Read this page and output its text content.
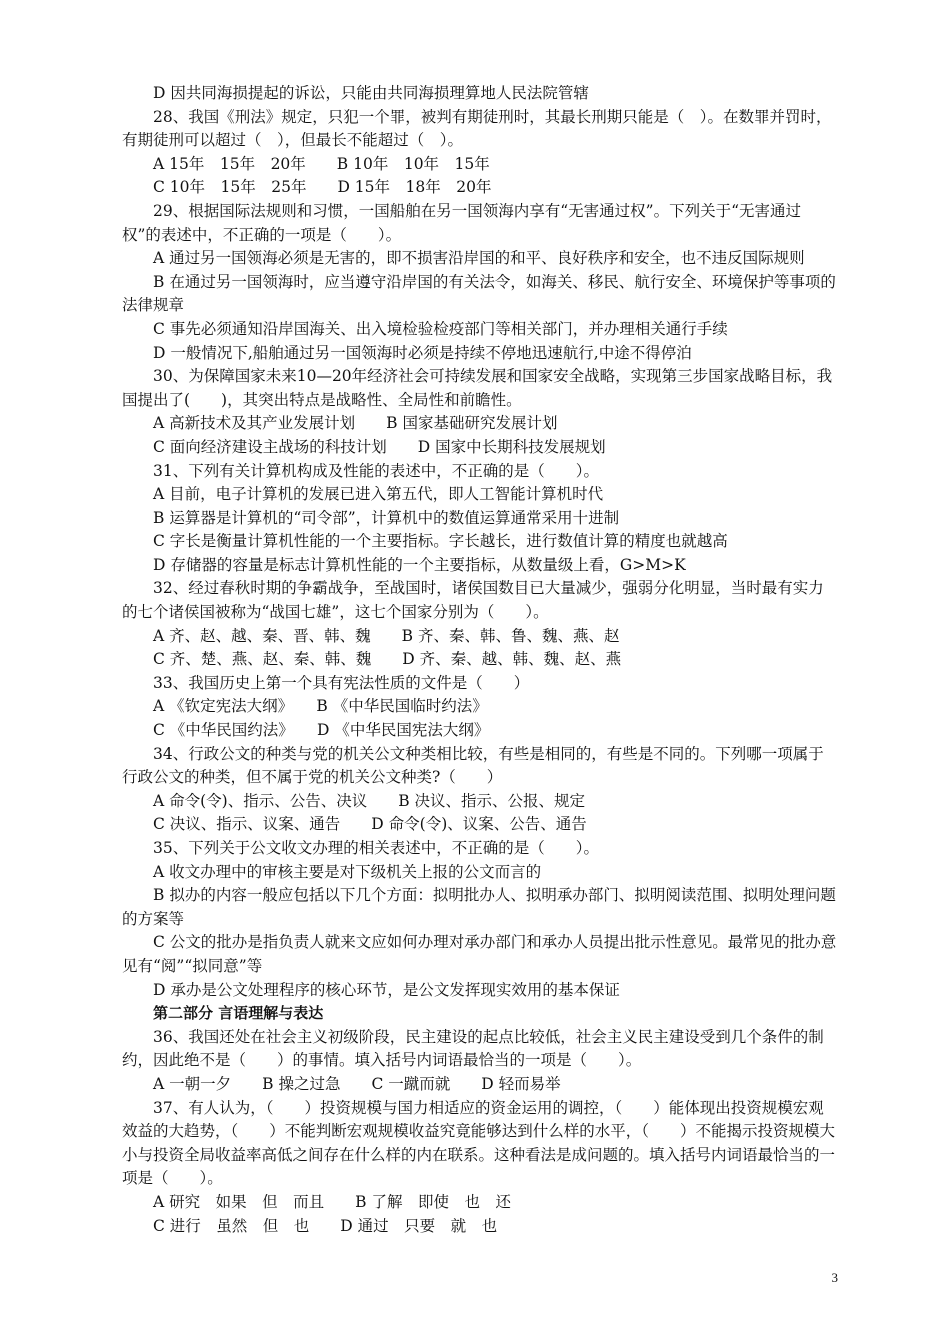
D 因共同海损提起的诉讼，只能由共同海损理算地人民法院管辖
28、我国《刑法》规定，只犯一个罪，被判有期徒刑时，其最长刑期只能是（　）。在数罪并罚时，有期徒刑可以超过（　），但最长不能超过（　）。
A 15年　15年　20年　　B 10年　10年　15年
C 10年　15年　25年　　D 15年　18年　20年
29、根据国际法规则和习惯，一国船舶在另一国领海内享有“无害通过权”。下列关于“无害通过权”的表述中，不正确的一项是（　　）。
A 通过另一国领海必须是无害的，即不损害沿岸国的和平、良好秩序和安全，也不违反国际规则
B 在通过另一国领海时，应当遵守沿岸国的有关法令，如海关、移民、航行安全、环境保护等事项的法律规章
C 事先必须通知沿岸国海关、出入境检验检疫部门等相关部门，并办理相关通行手续
D 一般情况下,船舶通过另一国领海时必须是持续不停地迅速航行,中途不得停泊
30、为保障国家未来10—20年经济社会可持续发展和国家安全战略，实现第三步国家战略目标，我国提出了(　　)，其突出特点是战略性、全局性和前瞻性。
A 高新技术及其产业发展计划　　B 国家基础研究发展计划
C 面向经济建设主战场的科技计划　　D 国家中长期科技发展规划
31、下列有关计算机构成及性能的表述中，不正确的是（　　）。
A 目前，电子计算机的发展已进入第五代，即人工智能计算机时代
B 运算器是计算机的“司令部”，计算机中的数值运算通常采用十进制
C 字长是衡量计算机性能的一个主要指标。字长越长，进行数值计算的精度也就越高
D 存储器的容量是标志计算机性能的一个主要指标，从数量级上看，G>M>K
32、经过春秋时期的争霸战争，至战国时，诸侯国数目已大量减少，强弱分化明显，当时最有实力的七个诸侯国被称为“战国七雄”，这七个国家分别为（　　）。
A 齐、赵、越、秦、晋、韩、魏　　B 齐、秦、韩、鲁、魏、燕、赵
C 齐、楚、燕、赵、秦、韩、魏　　D 齐、秦、越、韩、魏、赵、燕
33、我国历史上第一个具有宪法性质的文件是（　　）
A 《钦定宪法大纲》　　B 《中华民国临时约法》
C 《中华民国约法》　　D 《中华民国宪法大纲》
34、行政公文的种类与党的机关公文种类相比较，有些是相同的，有些是不同的。下列哪一项属于行政公文的种类，但不属于党的机关公文种类?（　　）
A 命令(令)、指示、公告、决议　　B 决议、指示、公报、规定
C 决议、指示、议案、通告　　D 命令(令)、议案、公告、通告
35、下列关于公文收文办理的相关表述中，不正确的是（　　）。
A 收文办理中的审核主要是对下级机关上报的公文而言的
B 拟办的内容一般应包括以下几个方面：拟明批办人、拟明承办部门、拟明阅读范围、拟明处理问题的方案等
C 公文的批办是指负责人就来文应如何办理对承办部门和承办人员提出批示性意见。最常见的批办意见有“阅”“拟同意”等
D 承办是公文处理程序的核心环节，是公文发挥现实效用的基本保证
第二部分 言语理解与表达
36、我国还处在社会主义初级阶段，民主建设的起点比较低，社会主义民主建设受到几个条件的制约，因此绝不是（　　）的事情。填入括号内词语最恰当的一项是（　　）。
A 一朝一夕　　B 操之过急　　C 一蹴而就　　D 轻而易举
37、有人认为，（　　）投资规模与国力相适应的资金运用的调控，（　　）能体现出投资规模宏观效益的大趋势，（　　）不能判断宏观规模收益究竟能够达到什么样的水平，（　　）不能揭示投资规模大小与投资全局收益率高低之间存在什么样的内在联系。这种看法是成问题的。填入括号内词语最恰当的一项是（　　）。
A 研究　如果　但　而且　　B 了解　即使　也　还
C 进行　虽然　但　也　　D 通过　只要　就　也
3
